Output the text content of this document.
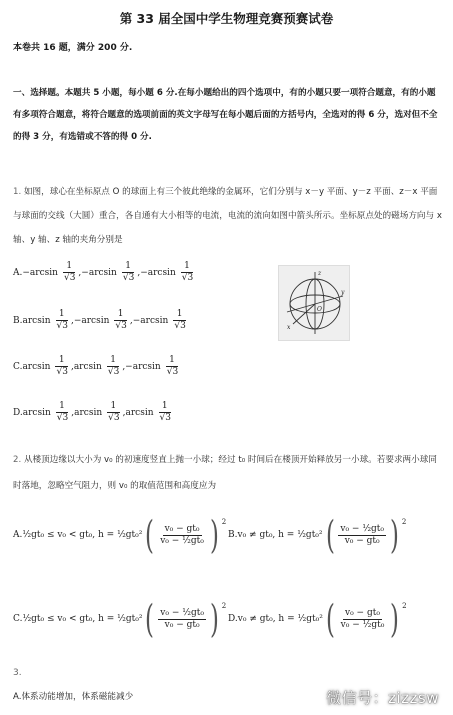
第 33 届全国中学生物理竞赛预赛试卷
本卷共 16 题，满分 200 分.
一、选择题。本题共 5 小题，每小题 6 分.在每小题给出的四个选项中，有的小题只要一项符合题意，有的小题有多项符合题意，将符合题意的选项前面的英文字母写在每小题后面的方括号内，全选对的得 6 分，选对但不全的得 3 分，有选错或不答的得 0 分.
1. 如图，球心在坐标原点 O 的球面上有三个彼此绝缘的金属环，它们分别与 x－y 平面、y－z 平面、z－x 平面与球面的交线（大圆）重合，各自通有大小相等的电流，电流的流向如图中箭头所示。坐标原点处的磁场方向与 x 轴、y 轴、z 轴的夹角分别是
A. − arcsin 1
√ 3 ,− arcsin 1
√ 3 ,− arcsin 1
√ 3
B. arcsin 1
√ 3 ,− arcsin 1
√ 3 ,− arcsin 1
√ 3
C. arcsin 1
√ 3 , arcsin 1
√ 3 ,− arcsin 1
√ 3
D. arcsin 1
√ 3 , arcsin 1
√ 3 , arcsin 1
√ 3
z
y
x
O
2. 从楼顶边缘以大小为 v₀ 的初速度竖直上抛一小球；经过 t₀ 时间后在楼顶开始释放另一小球。若要求两小球同时落地，忽略空气阻力，则 v₀ 的取值范围和高度应为
A. ½gt₀ ≤ v₀ < gt₀, h = ½gt₀² ( $\frac{\text{v₀ − gt₀}}{\text{v₀ − ½gt₀}}$ ) 2
B. v₀ ≠ gt₀, h = ½gt₀² ( $\frac{\text{v₀ − ½gt₀}}{\text{v₀ − gt₀}}$ ) 2
C. ½gt₀ ≤ v₀ < gt₀, h = ½gt₀² ( $\frac{\text{v₀ − ½gt₀}}{\text{v₀ − gt₀}}$ ) 2
D. v₀ ≠ gt₀, h = ½gt₀² ( $\frac{\text{v₀ − gt₀}}{\text{v₀ − ½gt₀}}$ ) 2
3.
A.体系动能增加，体系磁能减少	微信号：zizzsw
